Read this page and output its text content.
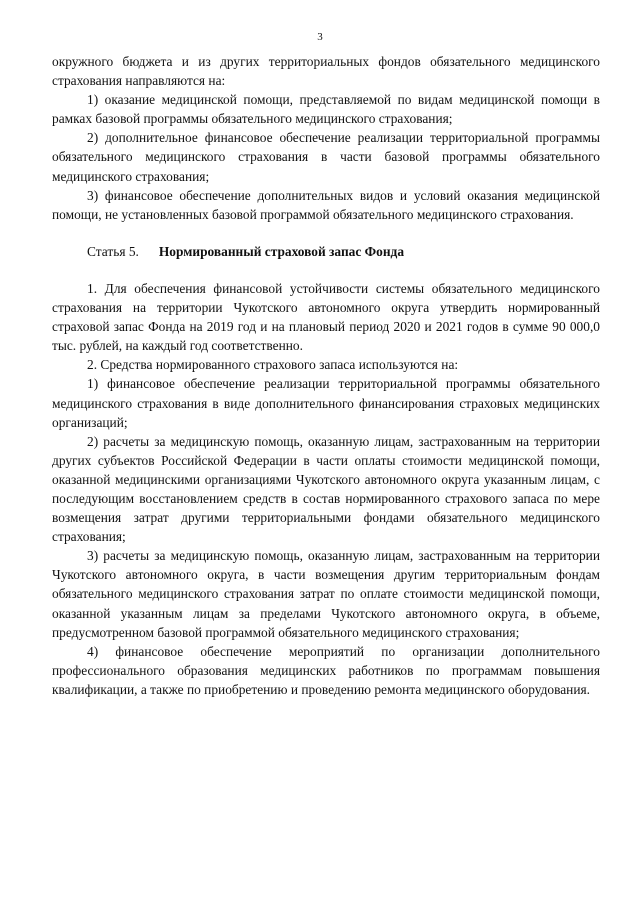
3

окружного бюджета и из других территориальных фондов обязательного медицинского страхования направляются на:

1) оказание медицинской помощи, представляемой по видам медицинской помощи в рамках базовой программы обязательного медицинского страхования;

2) дополнительное финансовое обеспечение реализации территориальной программы обязательного медицинского страхования в части базовой программы обязательного медицинского страхования;

3) финансовое обеспечение дополнительных видов и условий оказания медицинской помощи, не установленных базовой программой обязательного медицинского страхования.

Статья 5. Нормированный страховой запас Фонда

1. Для обеспечения финансовой устойчивости системы обязательного медицинского страхования на территории Чукотского автономного округа утвердить нормированный страховой запас Фонда на 2019 год и на плановый период 2020 и 2021 годов в сумме 90 000,0 тыс. рублей, на каждый год соответственно.

2. Средства нормированного страхового запаса используются на:

1) финансовое обеспечение реализации территориальной программы обязательного медицинского страхования в виде дополнительного финансирования страховых медицинских организаций;

2) расчеты за медицинскую помощь, оказанную лицам, застрахованным на территории других субъектов Российской Федерации в части оплаты стоимости медицинской помощи, оказанной медицинскими организациями Чукотского автономного округа указанным лицам, с последующим восстановлением средств в состав нормированного страхового запаса по мере возмещения затрат другими территориальными фондами обязательного медицинского страхования;

3) расчеты за медицинскую помощь, оказанную лицам, застрахованным на территории Чукотского автономного округа, в части возмещения другим территориальным фондам обязательного медицинского страхования затрат по оплате стоимости медицинской помощи, оказанной указанным лицам за пределами Чукотского автономного округа, в объеме, предусмотренном базовой программой обязательного медицинского страхования;

4) финансовое обеспечение мероприятий по организации дополнительного профессионального образования медицинских работников по программам повышения квалификации, а также по приобретению и проведению ремонта медицинского оборудования.
